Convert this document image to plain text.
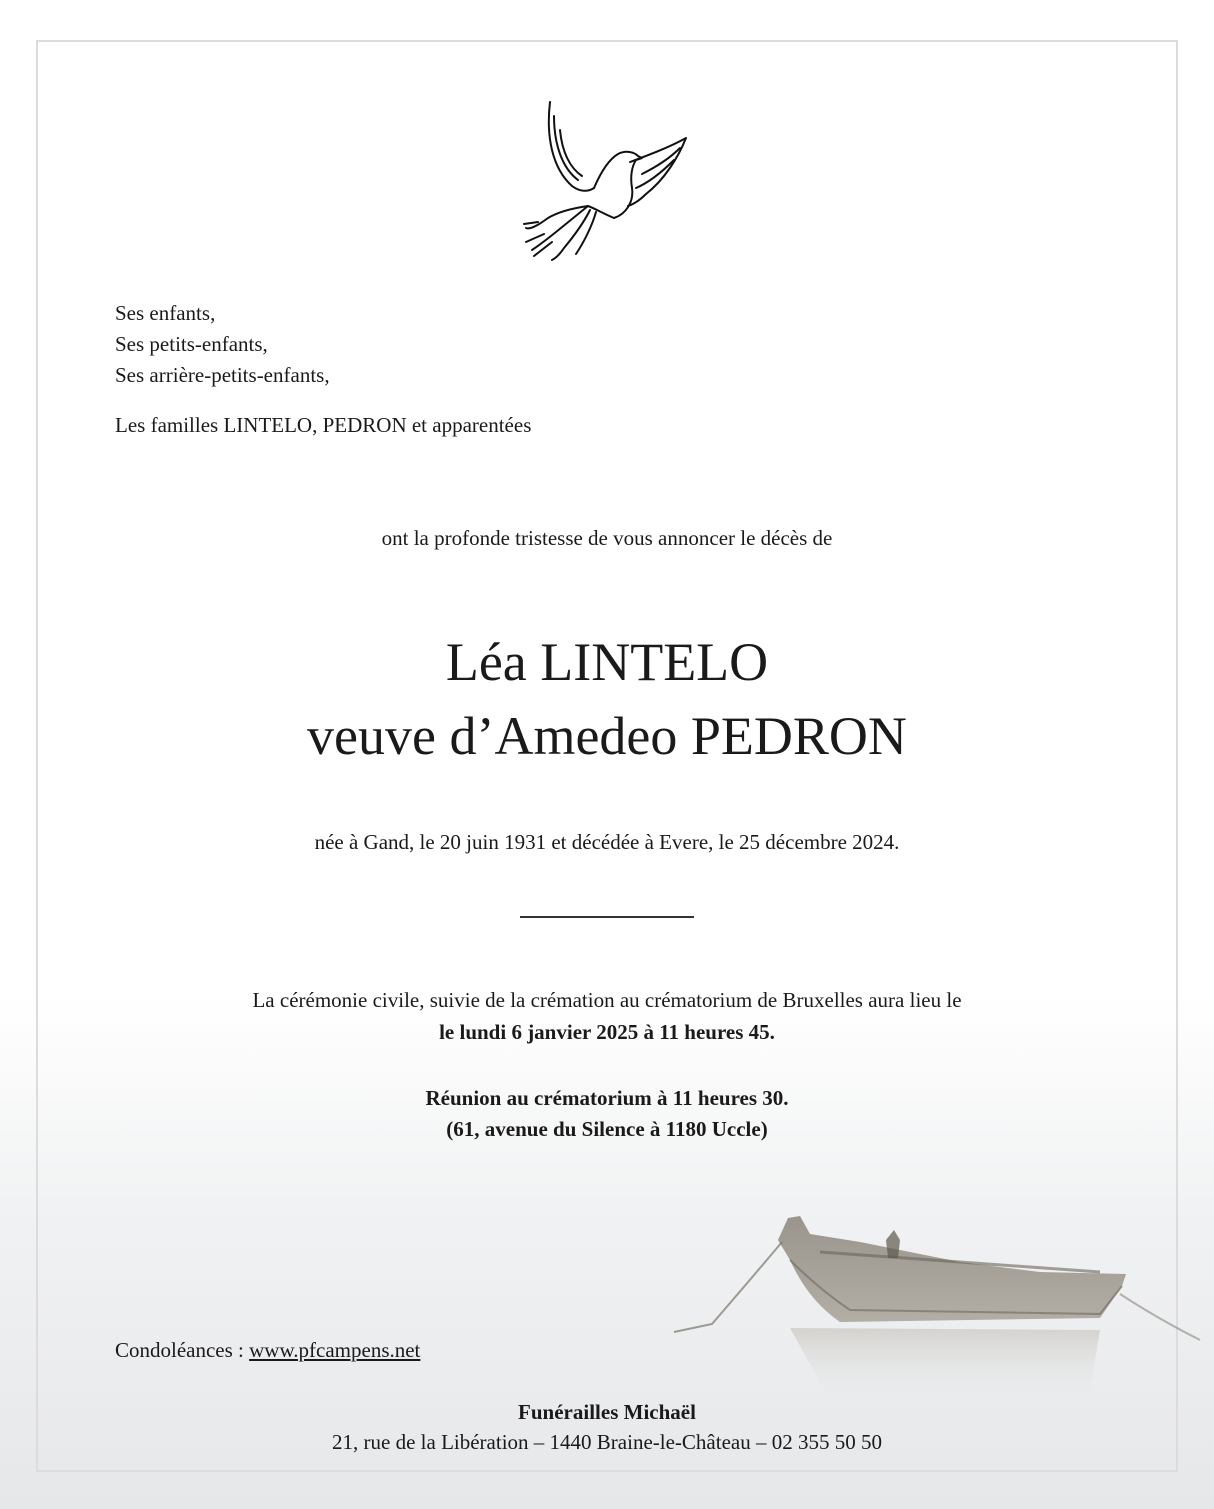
Ses enfants,
Ses petits-enfants,
Ses arrière-petits-enfants,

Les familles LINTELO, PEDRON et apparentées

ont la profonde tristesse de vous annoncer le décès de

Léa LINTELO

veuve d’Amedeo PEDRON

née à Gand, le 20 juin 1931 et décédée à Evere, le 25 décembre 2024.

La cérémonie civile, suivie de la crémation au crématorium de Bruxelles aura lieu le

le lundi 6 janvier 2025 à 11 heures 45.

Réunion au crématorium à 11 heures 30.

(61, avenue du Silence à 1180 Uccle)

Condoléances : www.pfcampens.net

Funérailles Michaël

21, rue de la Libération – 1440 Braine-le-Château – 02 355 50 50
